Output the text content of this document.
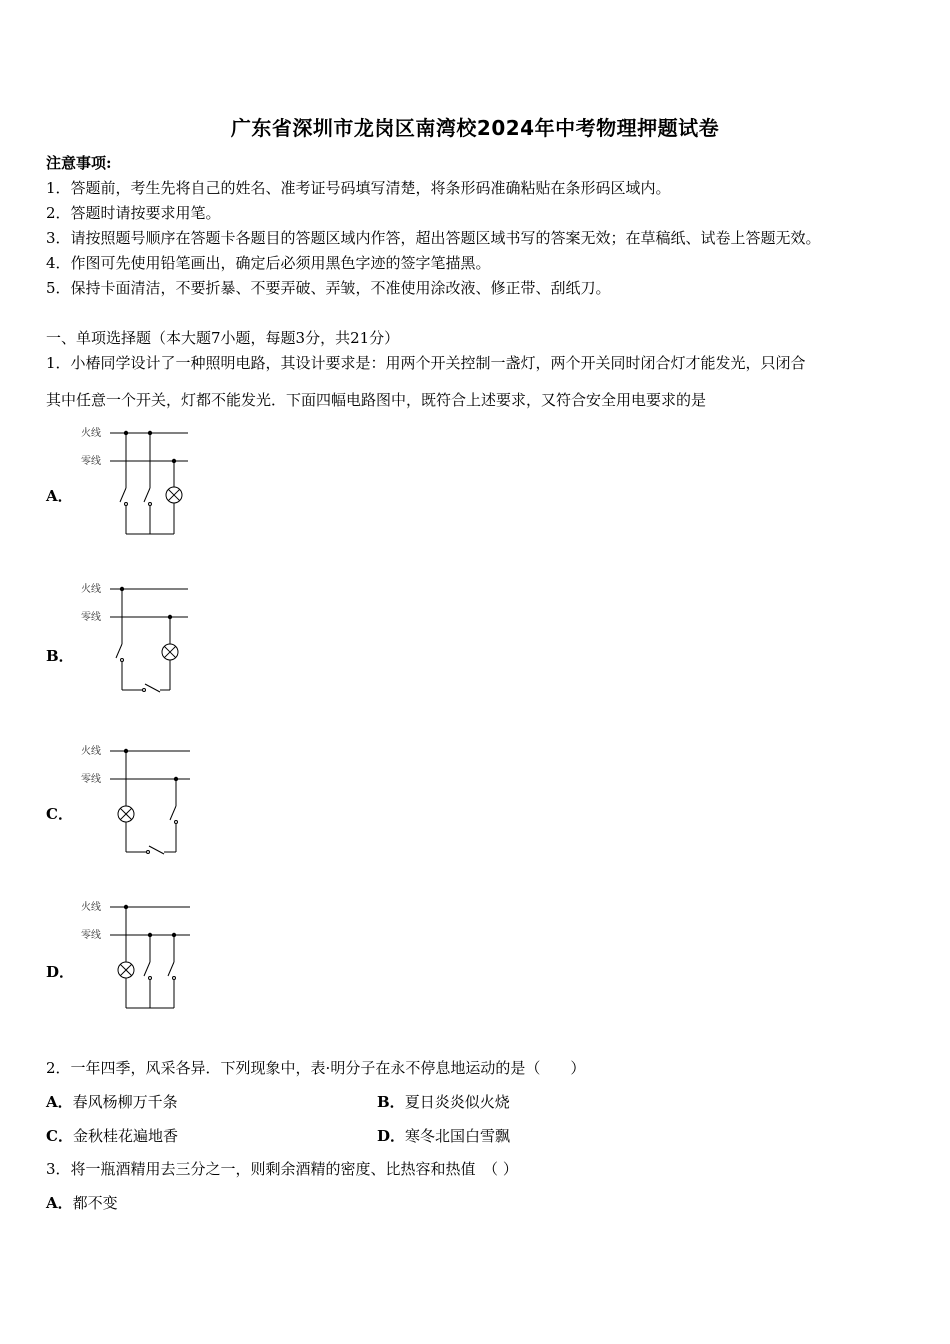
广东省深圳市龙岗区南湾校2024年中考物理押题试卷
注意事项:
1．答题前，考生先将自己的姓名、准考证号码填写清楚，将条形码准确粘贴在条形码区域内。
2．答题时请按要求用笔。
3．请按照题号顺序在答题卡各题目的答题区域内作答，超出答题区域书写的答案无效；在草稿纸、试卷上答题无效。
4．作图可先使用铅笔画出，确定后必须用黑色字迹的签字笔描黑。
5．保持卡面清洁，不要折暴、不要弄破、弄皱，不准使用涂改液、修正带、刮纸刀。
一、单项选择题（本大题7小题，每题3分，共21分）
1．小椿同学设计了一种照明电路，其设计要求是：用两个开关控制一盏灯，两个开关同时闭合灯才能发光，只闭合
其中任意一个开关，灯都不能发光．下面四幅电路图中，既符合上述要求，又符合安全用电要求的是
A．
火线
零线
B．
火线
零线
C．
火线
零线
D．
火线
零线
2．一年四季，风采各异．下列现象中，表·明分子在永不停息地运动的是（　　）
A．春风杨柳万千条	B．夏日炎炎似火烧
C．金秋桂花遍地香	D．寒冬北国白雪飘
3．将一瓶酒精用去三分之一，则剩余酒精的密度、比热容和热值　（ ）
A．都不变
